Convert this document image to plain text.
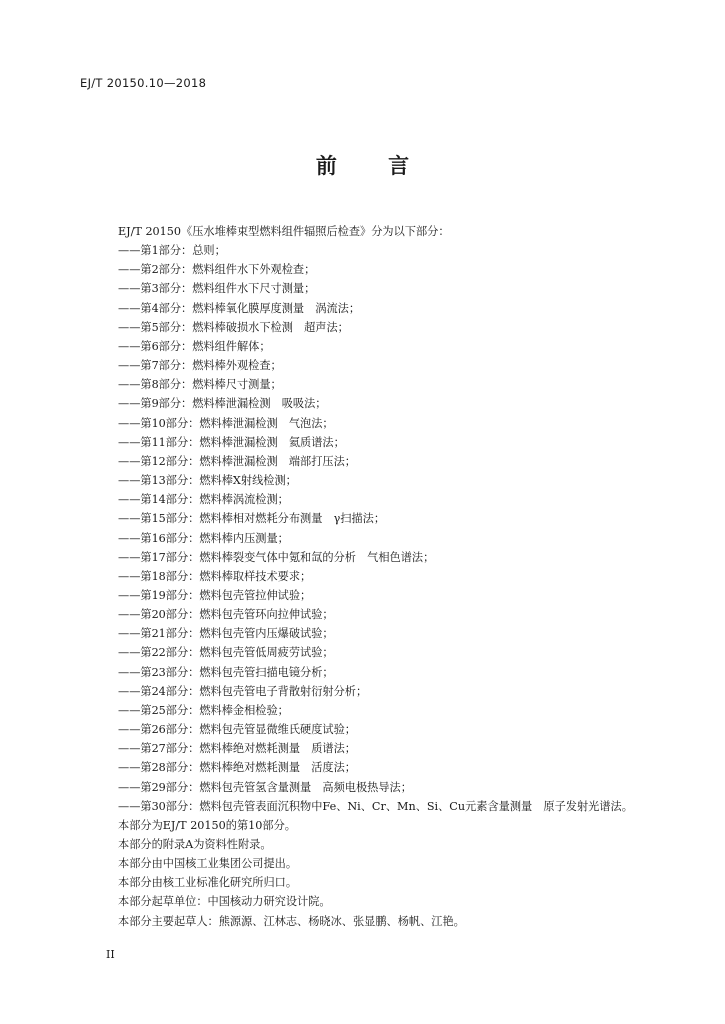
EJ/T 20150.10—2018
前 言

EJ/T 20150《压水堆棒束型燃料组件辐照后检查》分为以下部分：

——第1部分：总则；

——第2部分：燃料组件水下外观检查；

——第3部分：燃料组件水下尺寸测量；

——第4部分：燃料棒氧化膜厚度测量　涡流法；

——第5部分：燃料棒破损水下检测　超声法；

——第6部分：燃料组件解体；

——第7部分：燃料棒外观检查；

——第8部分：燃料棒尺寸测量；

——第9部分：燃料棒泄漏检测　吸吸法；

——第10部分：燃料棒泄漏检测　气泡法；

——第11部分：燃料棒泄漏检测　氦质谱法；

——第12部分：燃料棒泄漏检测　端部打压法；

——第13部分：燃料棒X射线检测；

——第14部分：燃料棒涡流检测；

——第15部分：燃料棒相对燃耗分布测量　γ扫描法；

——第16部分：燃料棒内压测量；

——第17部分：燃料棒裂变气体中氪和氙的分析　气相色谱法；

——第18部分：燃料棒取样技术要求；

——第19部分：燃料包壳管拉伸试验；

——第20部分：燃料包壳管环向拉伸试验；

——第21部分：燃料包壳管内压爆破试验；

——第22部分：燃料包壳管低周疲劳试验；

——第23部分：燃料包壳管扫描电镜分析；

——第24部分：燃料包壳管电子背散射衍射分析；

——第25部分：燃料棒金相检验；

——第26部分：燃料包壳管显微维氏硬度试验；

——第27部分：燃料棒绝对燃耗测量　质谱法；

——第28部分：燃料棒绝对燃耗测量　活度法；

——第29部分：燃料包壳管氢含量测量　高频电极热导法；

——第30部分：燃料包壳管表面沉积物中Fe、Ni、Cr、Mn、Si、Cu元素含量测量　原子发射光谱法。

本部分为EJ/T 20150的第10部分。

本部分的附录A为资料性附录。

本部分由中国核工业集团公司提出。

本部分由核工业标准化研究所归口。

本部分起草单位：中国核动力研究设计院。

本部分主要起草人：熊源源、江林志、杨晓冰、张显鹏、杨帆、江艳。

II
